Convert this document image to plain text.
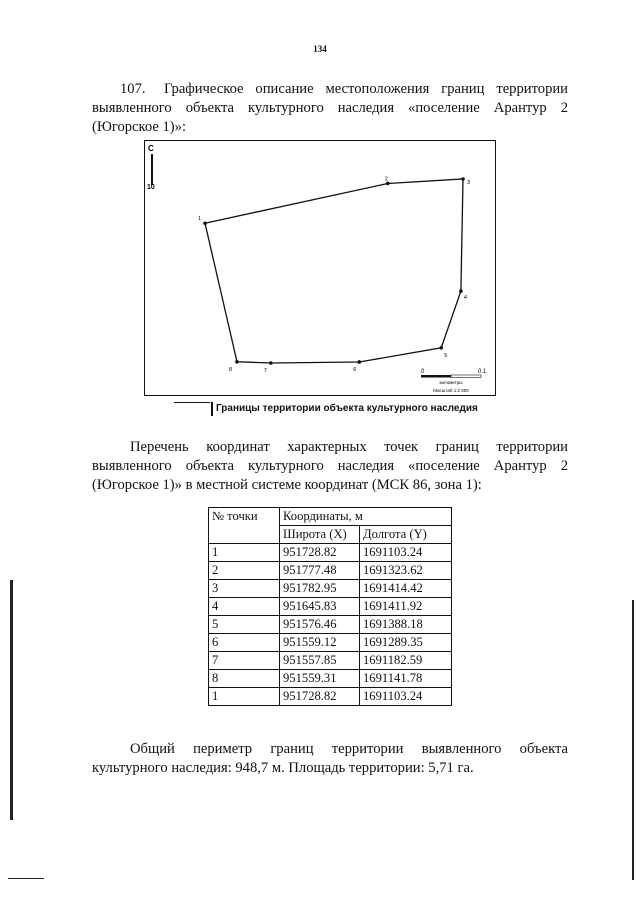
134
107. Графическое описание местоположения границ территории выявленного объекта культурного наследия «поселение Арантур 2 (Югорское 1)»:
С
10
1
2
3
4
5
6
7
8	0	0.1
километры
Масштаб 1:2 500
Границы территории объекта культурного наследия
Перечень координат характерных точек границ территории выявленного объекта культурного наследия «поселение Арантур 2 (Югорское 1)» в местной системе координат (МСК 86, зона 1):
№ точки	Координаты, м	
	Широта (X)	Долгота (Y)
1	951728.82	1691103.24
2	951777.48	1691323.62
3	951782.95	1691414.42
4	951645.83	1691411.92
5	951576.46	1691388.18
6	951559.12	1691289.35
7	951557.85	1691182.59
8	951559.31	1691141.78
1	951728.82	1691103.24
Общий периметр границ территории выявленного объекта культурного наследия: 948,7 м. Площадь территории: 5,71 га.
